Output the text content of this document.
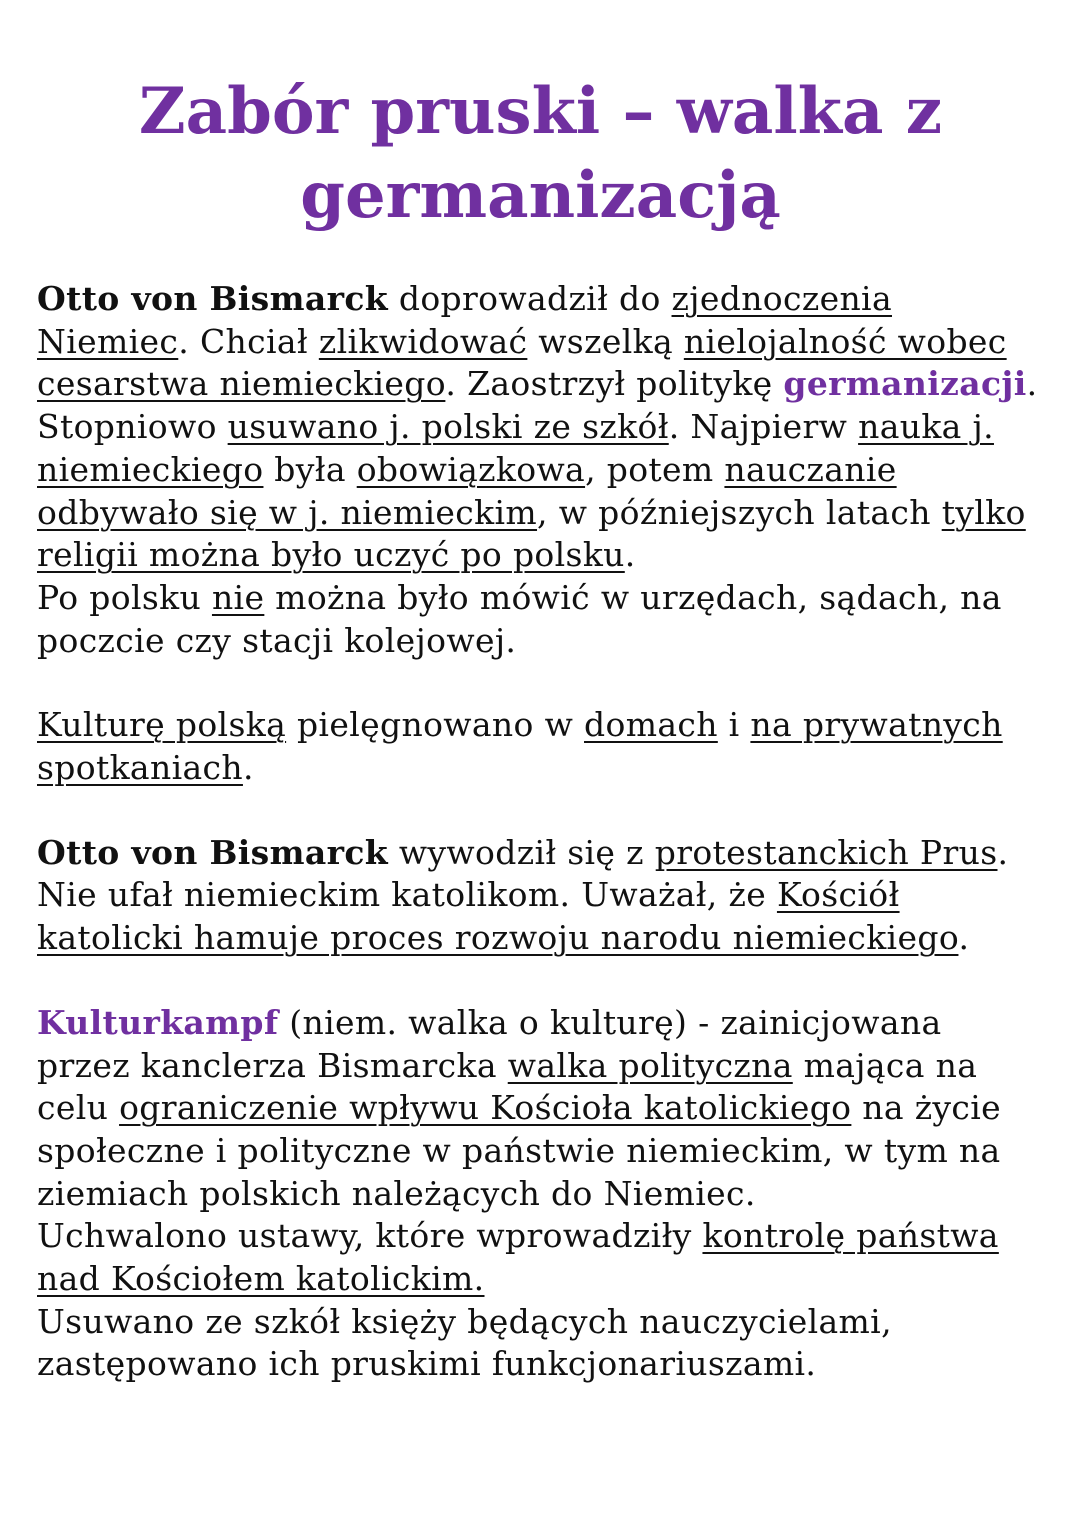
Zabór pruski – walka z
germanizacją
Otto von Bismarck doprowadził do zjednoczenia Niemiec. Chciał zlikwidować wszelką nielojalność wobec cesarstwa niemieckiego. Zaostrzył politykę germanizacji. Stopniowo usuwano j. polski ze szkół. Najpierw nauka j. niemieckiego była obowiązkowa, potem nauczanie odbywało się w j. niemieckim, w późniejszych latach tylko religii można było uczyć po polsku.
Po polsku nie można było mówić w urzędach, sądach, na poczcie czy stacji kolejowej.
Kulturę polską pielęgnowano w domach i na prywatnych spotkaniach.
Otto von Bismarck wywodził się z protestanckich Prus. Nie ufał niemieckim katolikom. Uważał, że Kościół katolicki hamuje proces rozwoju narodu niemieckiego.
Kulturkampf (niem. walka o kulturę) - zainicjowana przez kanclerza Bismarcka walka polityczna mająca na celu ograniczenie wpływu Kościoła katolickiego na życie społeczne i polityczne w państwie niemieckim, w tym na ziemiach polskich należących do Niemiec.
Uchwalono ustawy, które wprowadziły kontrolę państwa nad Kościołem katolickim.
Usuwano ze szkół księży będących nauczycielami, zastępowano ich pruskimi funkcjonariuszami.
